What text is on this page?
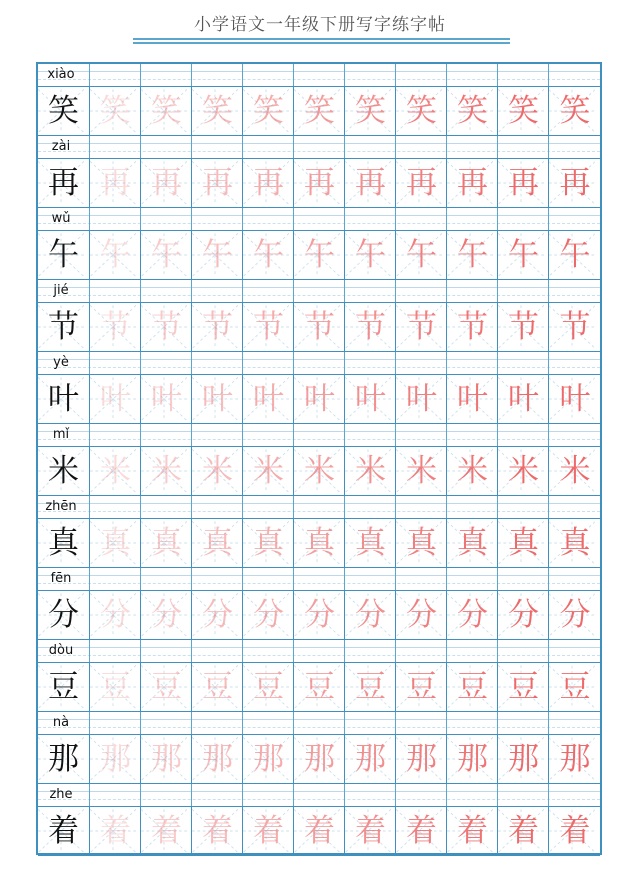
小学语文一年级下册写字练字帖
xiào
笑 笑 笑 笑 笑 笑 笑 笑 笑 笑 笑
zài
再 再 再 再 再 再 再 再 再 再 再
wǔ
午 午 午 午 午 午 午 午 午 午 午
jié
节 节 节 节 节 节 节 节 节 节 节
yè
叶 叶 叶 叶 叶 叶 叶 叶 叶 叶 叶
mǐ
米 米 米 米 米 米 米 米 米 米 米
zhēn
真 真 真 真 真 真 真 真 真 真 真
fēn
分 分 分 分 分 分 分 分 分 分 分
dòu
豆 豆 豆 豆 豆 豆 豆 豆 豆 豆 豆
nà
那 那 那 那 那 那 那 那 那 那 那
zhe
着 着 着 着 着 着 着 着 着 着 着
